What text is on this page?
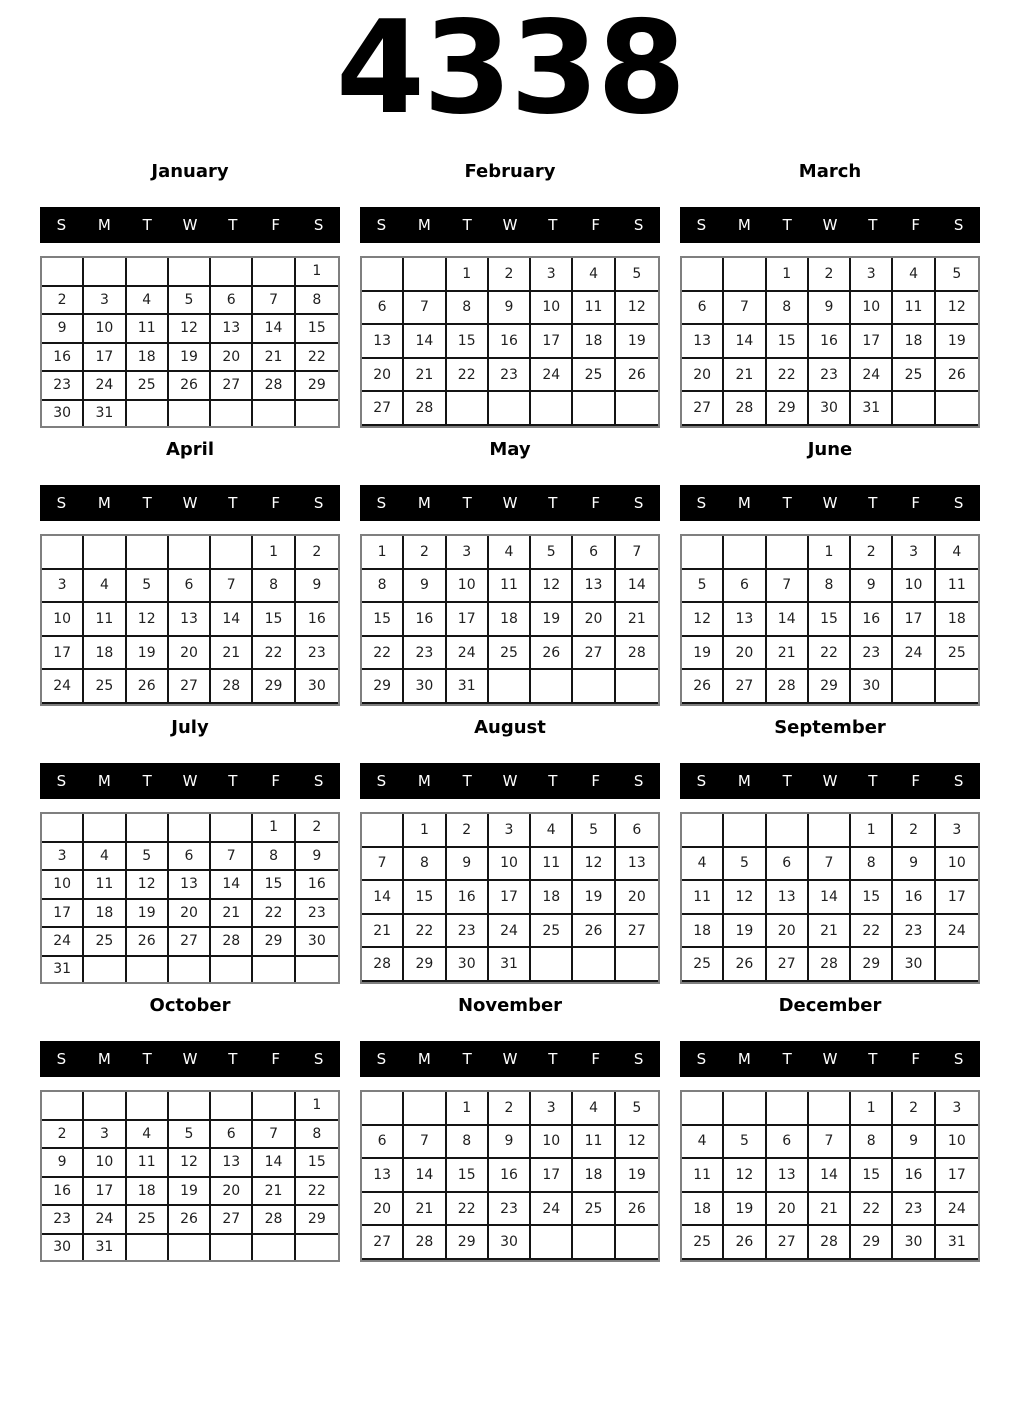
4338
January
S	M	T	W	T	F	S
						1
2	3	4	5	6	7	8
9	10	11	12	13	14	15
16	17	18	19	20	21	22
23	24	25	26	27	28	29
30	31					
February
S	M	T	W	T	F	S
		1	2	3	4	5
6	7	8	9	10	11	12
13	14	15	16	17	18	19
20	21	22	23	24	25	26
27	28					

March
S	M	T	W	T	F	S
		1	2	3	4	5
6	7	8	9	10	11	12
13	14	15	16	17	18	19
20	21	22	23	24	25	26
27	28	29	30	31		

April
S	M	T	W	T	F	S
					1	2
3	4	5	6	7	8	9
10	11	12	13	14	15	16
17	18	19	20	21	22	23
24	25	26	27	28	29	30

May
S	M	T	W	T	F	S
1	2	3	4	5	6	7
8	9	10	11	12	13	14
15	16	17	18	19	20	21
22	23	24	25	26	27	28
29	30	31				

June
S	M	T	W	T	F	S
			1	2	3	4
5	6	7	8	9	10	11
12	13	14	15	16	17	18
19	20	21	22	23	24	25
26	27	28	29	30		

July
S	M	T	W	T	F	S
					1	2
3	4	5	6	7	8	9
10	11	12	13	14	15	16
17	18	19	20	21	22	23
24	25	26	27	28	29	30
31						
August
S	M	T	W	T	F	S
	1	2	3	4	5	6
7	8	9	10	11	12	13
14	15	16	17	18	19	20
21	22	23	24	25	26	27
28	29	30	31			

September
S	M	T	W	T	F	S
				1	2	3
4	5	6	7	8	9	10
11	12	13	14	15	16	17
18	19	20	21	22	23	24
25	26	27	28	29	30	

October
S	M	T	W	T	F	S
						1
2	3	4	5	6	7	8
9	10	11	12	13	14	15
16	17	18	19	20	21	22
23	24	25	26	27	28	29
30	31					
November
S	M	T	W	T	F	S
		1	2	3	4	5
6	7	8	9	10	11	12
13	14	15	16	17	18	19
20	21	22	23	24	25	26
27	28	29	30			

December
S	M	T	W	T	F	S
				1	2	3
4	5	6	7	8	9	10
11	12	13	14	15	16	17
18	19	20	21	22	23	24
25	26	27	28	29	30	31
